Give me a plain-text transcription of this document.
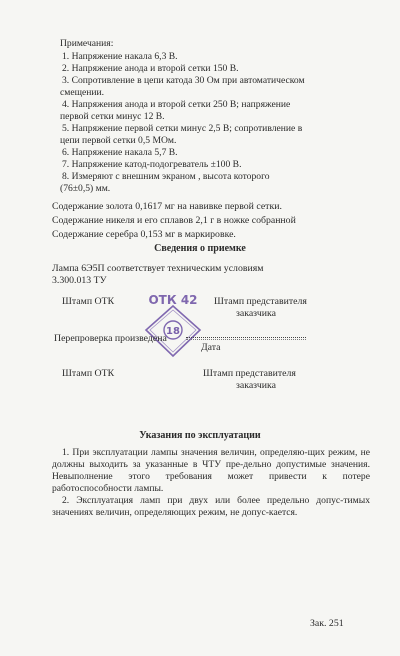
Примечания:
1. Напряжение накала 6,3 В.
2. Напряжение анода и второй сетки 150 В.
3. Сопротивление в цепи катода 30 Ом при автоматическом
смещении.
4. Напряжения анода и второй сетки 250 В; напряжение
первой сетки минус 12 В.
5. Напряжение первой сетки минус 2,5 В; сопротивление в
цепи первой сетки 0,5 МОм.
6. Напряжение накала 5,7 В.
7. Напряжение катод-подогреватель ±100 В.
8. Измеряют с внешним экраном , высота которого
(76±0,5) мм.
Содержание золота 0,1617 мг на навивке первой сетки.
Содержание никеля и его сплавов 2,1 г в ножке собранной
Содержание серебра 0,153 мг в маркировке.
Сведения о приемке
Лампа 6Э5П соответствует техническим условиям
3.300.013 ТУ
ОТК 42
18
Штамп ОТК	Штамп представителя
заказчика
Перепроверка произведена
Дата
Штамп ОТК	Штамп представителя
заказчика
Указания по эксплуатации
1. При эксплуатации лампы значения величин, определяю-щих режим, не должны выходить за указанные в ЧТУ пре-дельно допустимые значения. Невыполнение этого требования может привести к потере работоспособности лампы.
2. Эксплуатация ламп при двух или более предельно допус-тимых значениях величин, определяющих режим, не допус-кается.
Зак. 251
